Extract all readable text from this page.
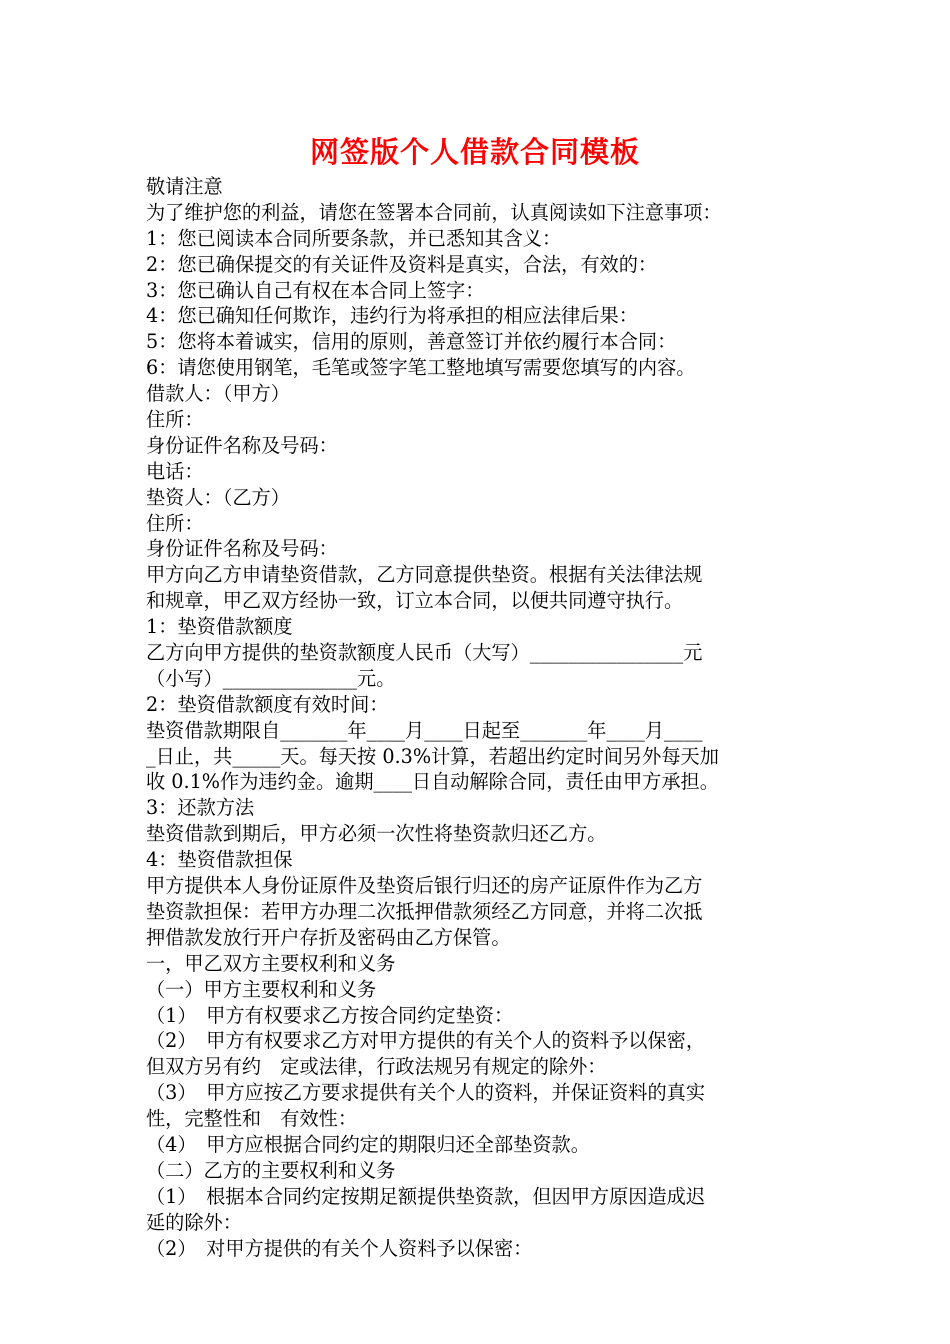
网签版个人借款合同模板
敬请注意
为了维护您的利益，请您在签署本合同前，认真阅读如下注意事项：
1：您已阅读本合同所要条款，并已悉知其含义：
2：您已确保提交的有关证件及资料是真实，合法，有效的：
3：您已确认自己有权在本合同上签字：
4：您已确知任何欺诈，违约行为将承担的相应法律后果：
5：您将本着诚实，信用的原则，善意签订并依约履行本合同：
6：请您使用钢笔，毛笔或签字笔工整地填写需要您填写的内容。
借款人：（甲方）
住所：
身份证件名称及号码：
电话：
垫资人：（乙方）
住所：
身份证件名称及号码：
甲方向乙方申请垫资借款，乙方同意提供垫资。根据有关法律法规
和规章，甲乙双方经协一致，订立本合同，以便共同遵守执行。
1：垫资借款额度
乙方向甲方提供的垫资款额度人民币（大写）________________元
（小写）______________元。
2：垫资借款额度有效时间：
垫资借款期限自_______年____月____日起至_______年____月____
_日止，共_____天。每天按 0.3%计算，若超出约定时间另外每天加
收 0.1%作为违约金。逾期____日自动解除合同，责任由甲方承担。
3：还款方法
垫资借款到期后，甲方必须一次性将垫资款归还乙方。
4：垫资借款担保
甲方提供本人身份证原件及垫资后银行归还的房产证原件作为乙方
垫资款担保：若甲方办理二次抵押借款须经乙方同意，并将二次抵
押借款发放行开户存折及密码由乙方保管。
一，甲乙双方主要权利和义务
（一）甲方主要权利和义务
（1）　甲方有权要求乙方按合同约定垫资：
（2）　甲方有权要求乙方对甲方提供的有关个人的资料予以保密，
但双方另有约　定或法律，行政法规另有规定的除外：
（3）　甲方应按乙方要求提供有关个人的资料，并保证资料的真实
性，完整性和　有效性：
（4）　甲方应根据合同约定的期限归还全部垫资款。
（二）乙方的主要权利和义务
（1）　根据本合同约定按期足额提供垫资款，但因甲方原因造成迟
延的除外：
（2）　对甲方提供的有关个人资料予以保密：
